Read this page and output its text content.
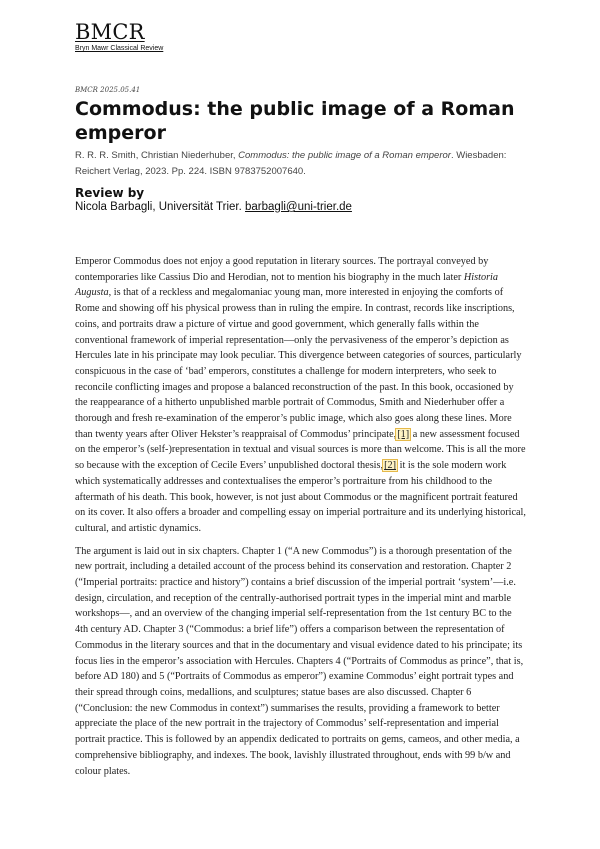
BMCR
Bryn Mawr Classical Review
BMCR 2025.05.41
Commodus: the public image of a Roman emperor
R. R. R. Smith, Christian Niederhuber, Commodus: the public image of a Roman emperor. Wiesbaden: Reichert Verlag, 2023. Pp. 224. ISBN 9783752007640.
Review by
Nicola Barbagli, Universität Trier. barbagli@uni-trier.de

Emperor Commodus does not enjoy a good reputation in literary sources. The portrayal conveyed by contemporaries like Cassius Dio and Herodian, not to mention his biography in the much later Historia Augusta, is that of a reckless and megalomaniac young man, more interested in enjoying the comforts of Rome and showing off his physical prowess than in ruling the empire. In contrast, records like inscriptions, coins, and portraits draw a picture of virtue and good government, which generally falls within the conventional framework of imperial representation—only the pervasiveness of the emperor’s depiction as Hercules late in his principate may look peculiar. This divergence between categories of sources, particularly conspicuous in the case of ‘bad’ emperors, constitutes a challenge for modern interpreters, who seek to reconcile conflicting images and propose a balanced reconstruction of the past. In this book, occasioned by the reappearance of a hitherto unpublished marble portrait of Commodus, Smith and Niederhuber offer a thorough and fresh re-examination of the emperor’s public image, which also goes along these lines. More than twenty years after Oliver Hekster’s reappraisal of Commodus’ principate,[1] a new assessment focused on the emperor’s (self-)representation in textual and visual sources is more than welcome. This is all the more so because with the exception of Cecile Evers’ unpublished doctoral thesis,[2] it is the sole modern work which systematically addresses and contextualises the emperor’s portraiture from his childhood to the aftermath of his death. This book, however, is not just about Commodus or the magnificent portrait featured on its cover. It also offers a broader and compelling essay on imperial portraiture and its underlying historical, cultural, and artistic dynamics.

The argument is laid out in six chapters. Chapter 1 (“A new Commodus”) is a thorough presentation of the new portrait, including a detailed account of the process behind its conservation and restoration. Chapter 2 (“Imperial portraits: practice and history”) contains a brief discussion of the imperial portrait ‘system’—i.e. design, circulation, and reception of the centrally-authorised portrait types in the imperial mint and marble workshops—, and an overview of the changing imperial self-representation from the 1st century BC to the 4th century AD. Chapter 3 (“Commodus: a brief life”) offers a comparison between the representation of Commodus in the literary sources and that in the documentary and visual evidence dated to his principate; its focus lies in the emperor’s association with Hercules. Chapters 4 (“Portraits of Commodus as prince”, that is, before AD 180) and 5 (“Portraits of Commodus as emperor”) examine Commodus’ eight portrait types and their spread through coins, medallions, and sculptures; statue bases are also discussed. Chapter 6 (“Conclusion: the new Commodus in context”) summarises the results, providing a framework to better appreciate the place of the new portrait in the trajectory of Commodus’ self-representation and imperial portrait practice. This is followed by an appendix dedicated to portraits on gems, cameos, and other media, a comprehensive bibliography, and indexes. The book, lavishly illustrated throughout, ends with 99 b/w and colour plates.
